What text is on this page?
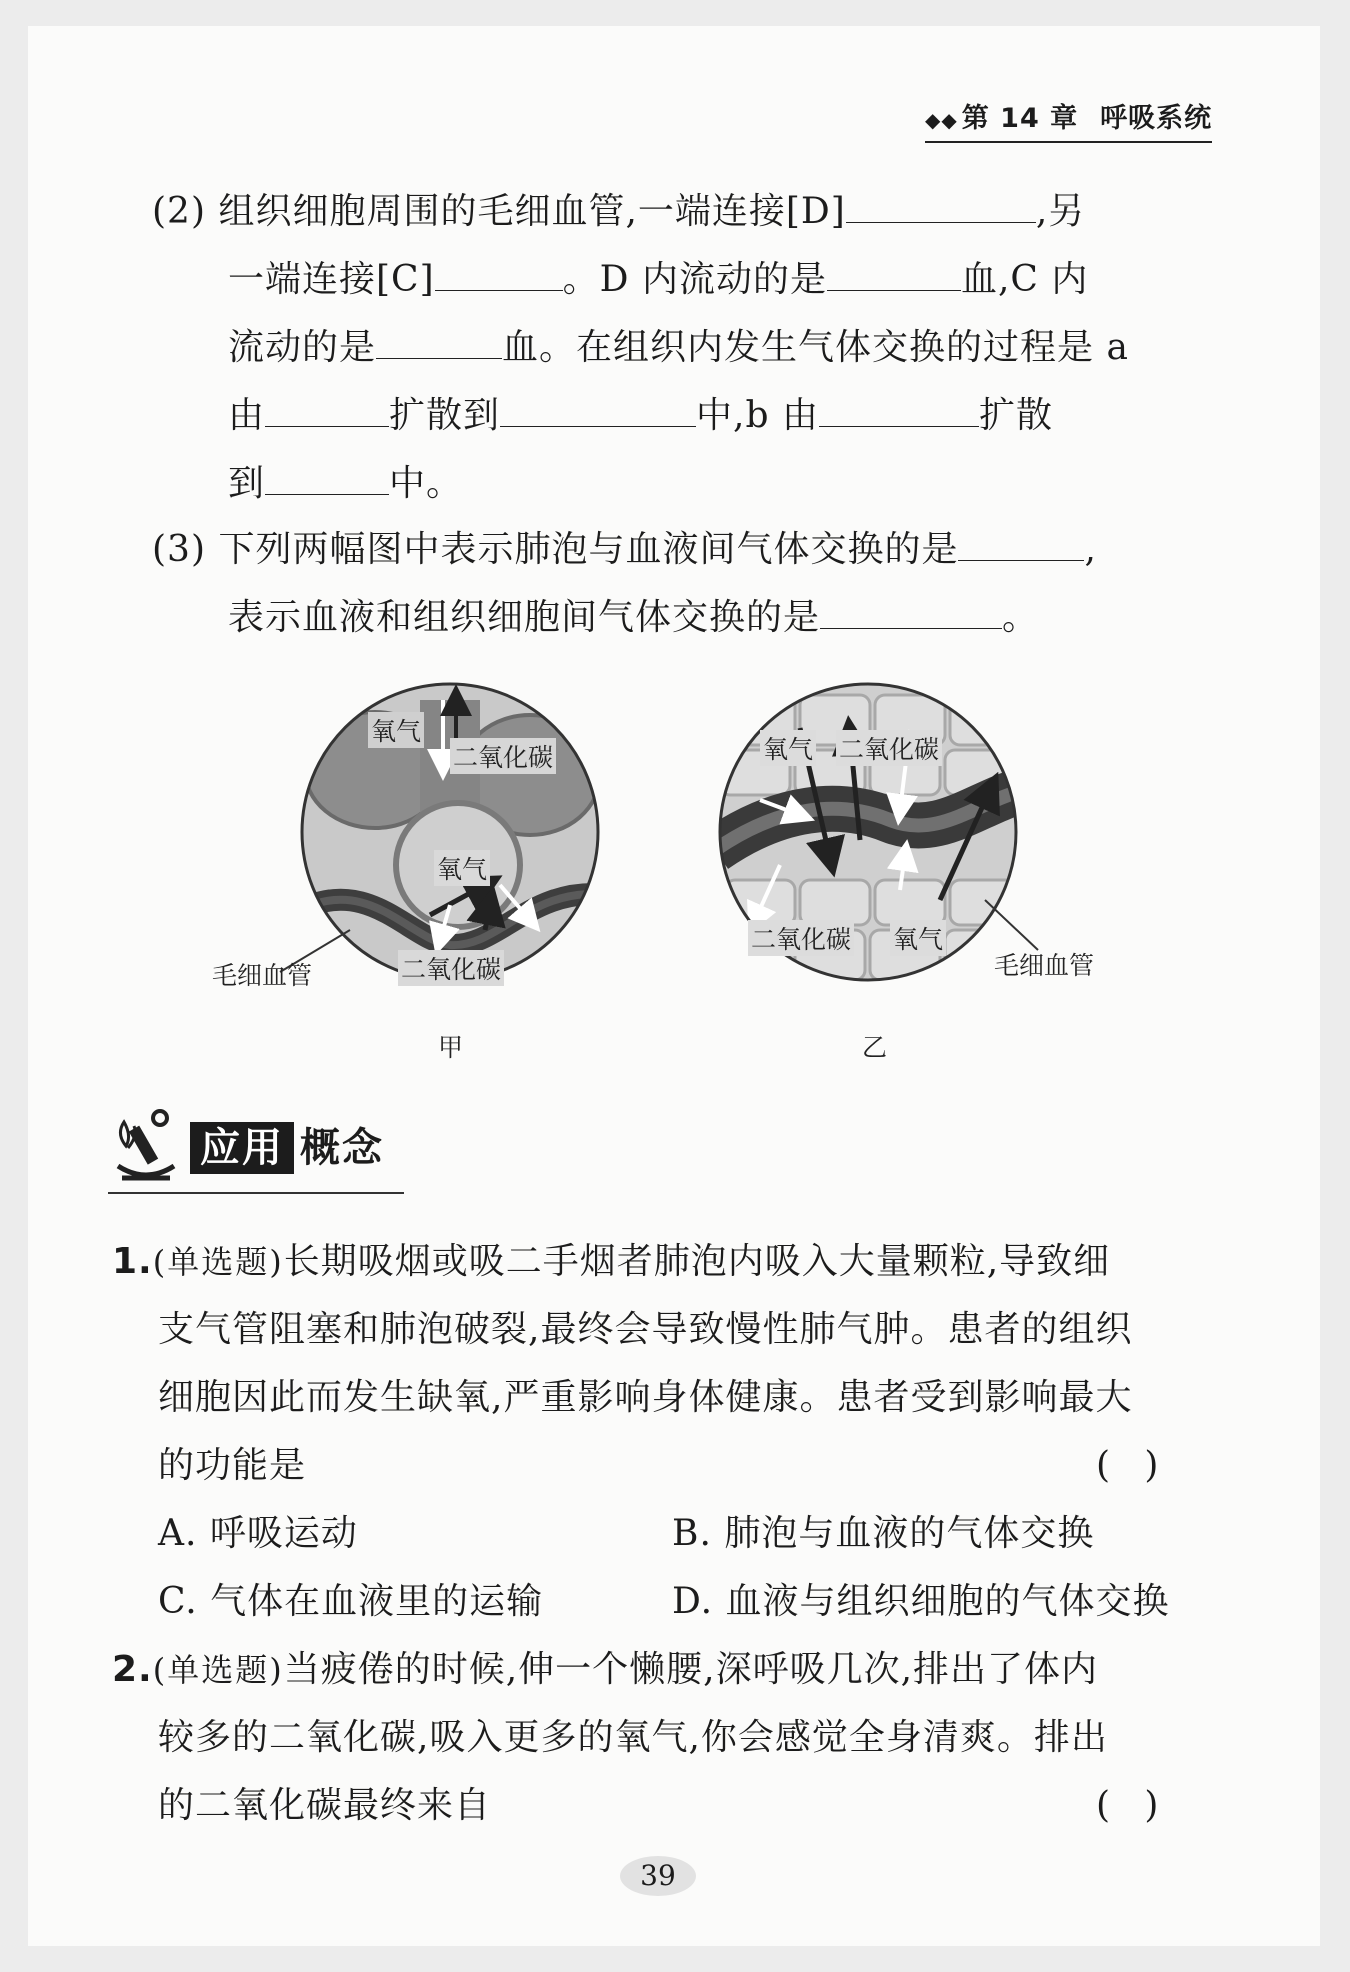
◆◆ 第 14 章 呼吸系统
(2) 组织细胞周围的毛细血管,一端连接[D]	,另
一端连接[C]	。D 内流动的是	血,C 内
流动的是	血。在组织内发生气体交换的过程是 a
由	扩散到	中,b 由	扩散
到	中。
(3) 下列两幅图中表示肺泡与血液间气体交换的是	,
表示血液和组织细胞间气体交换的是	。
氧气
二氧化碳
氧气
二氧化碳
毛细血管
甲
氧气 二氧化碳
二氧化碳 氧气
毛细血管
乙
应用 概念
1.(单选题)长期吸烟或吸二手烟者肺泡内吸入大量颗粒,导致细
支气管阻塞和肺泡破裂,最终会导致慢性肺气肿。患者的组织
细胞因此而发生缺氧,严重影响身体健康。患者受到影响最大
的功能是	(   )
A. 呼吸运动	B. 肺泡与血液的气体交换
C. 气体在血液里的运输	D. 血液与组织细胞的气体交换
2.(单选题)当疲倦的时候,伸一个懒腰,深呼吸几次,排出了体内
较多的二氧化碳,吸入更多的氧气,你会感觉全身清爽。排出
的二氧化碳最终来自	(   )
39
